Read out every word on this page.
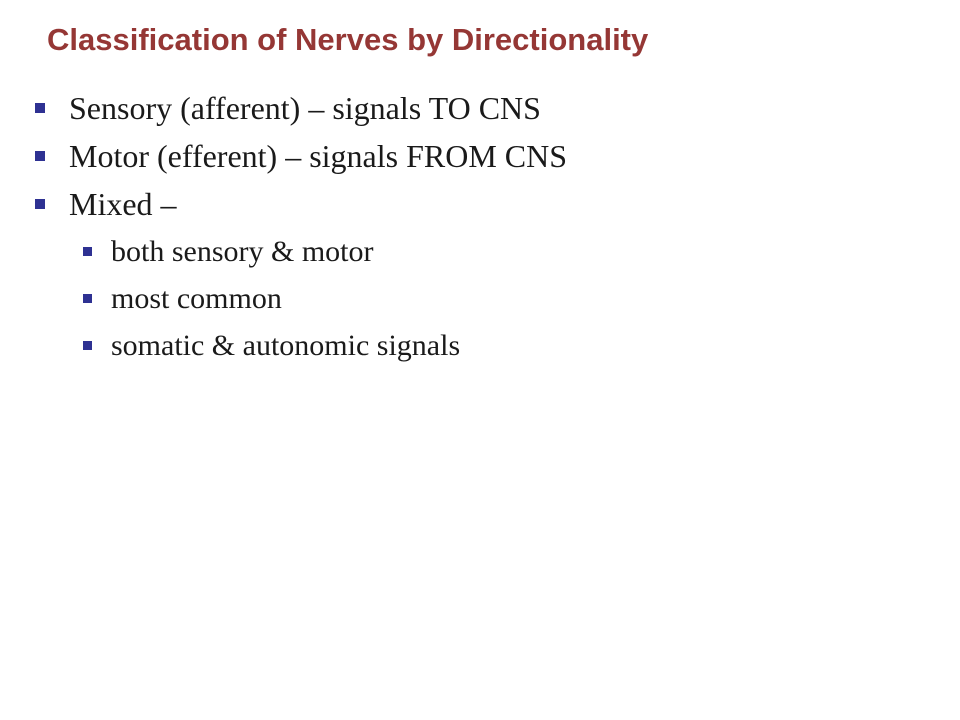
Classification of Nerves by Directionality
Sensory (afferent) – signals TO CNS
Motor (efferent) – signals FROM CNS
Mixed –
both sensory & motor
most common
somatic & autonomic signals
